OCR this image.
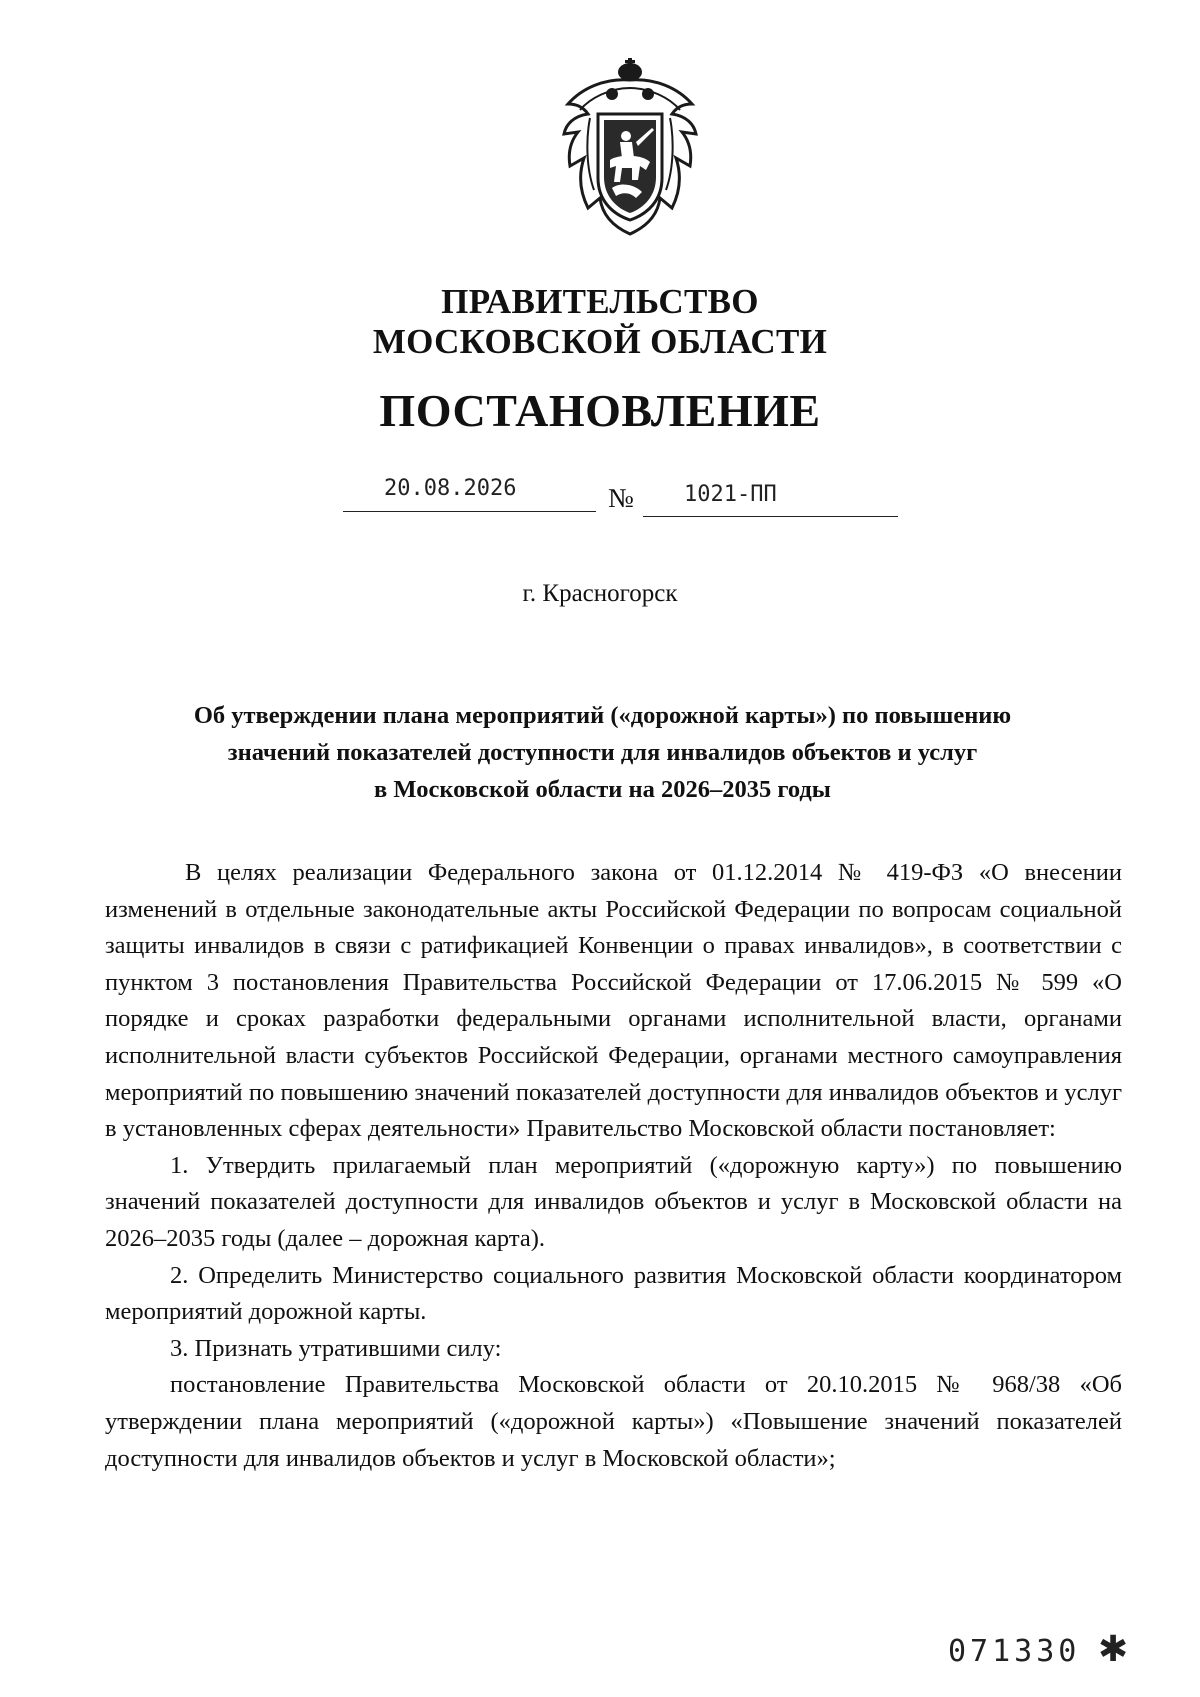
ПРАВИТЕЛЬСТВО
МОСКОВСКОЙ ОБЛАСТИ
ПОСТАНОВЛЕНИЕ
20.08.2026	№ 1021-ПП
г. Красногорск
Об утверждении плана мероприятий («дорожной карты») по повышению
значений показателей доступности для инвалидов объектов и услуг
в Московской области на 2026–2035 годы

В целях реализации Федерального закона от 01.12.2014 № 419-ФЗ «О внесении изменений в отдельные законодательные акты Российской Федерации по вопросам социальной защиты инвалидов в связи с ратификацией Конвенции о правах инвалидов», в соответствии с пунктом 3 постановления Правительства Российской Федерации от 17.06.2015 № 599 «О порядке и сроках разработки федеральными органами исполнительной власти, органами исполнительной власти субъектов Российской Федерации, органами местного самоуправления мероприятий по повышению значений показателей доступности для инвалидов объектов и услуг в установленных сферах деятельности» Правительство Московской области постановляет:

1. Утвердить прилагаемый план мероприятий («дорожную карту») по повышению значений показателей доступности для инвалидов объектов и услуг в Московской области на 2026–2035 годы (далее – дорожная карта).

2. Определить Министерство социального развития Московской области координатором мероприятий дорожной карты.

3. Признать утратившими силу:

постановление Правительства Московской области от 20.10.2015 № 968/38 «Об утверждении плана мероприятий («дорожной карты») «Повышение значений показателей доступности для инвалидов объектов и услуг в Московской области»;

071330 ✱
